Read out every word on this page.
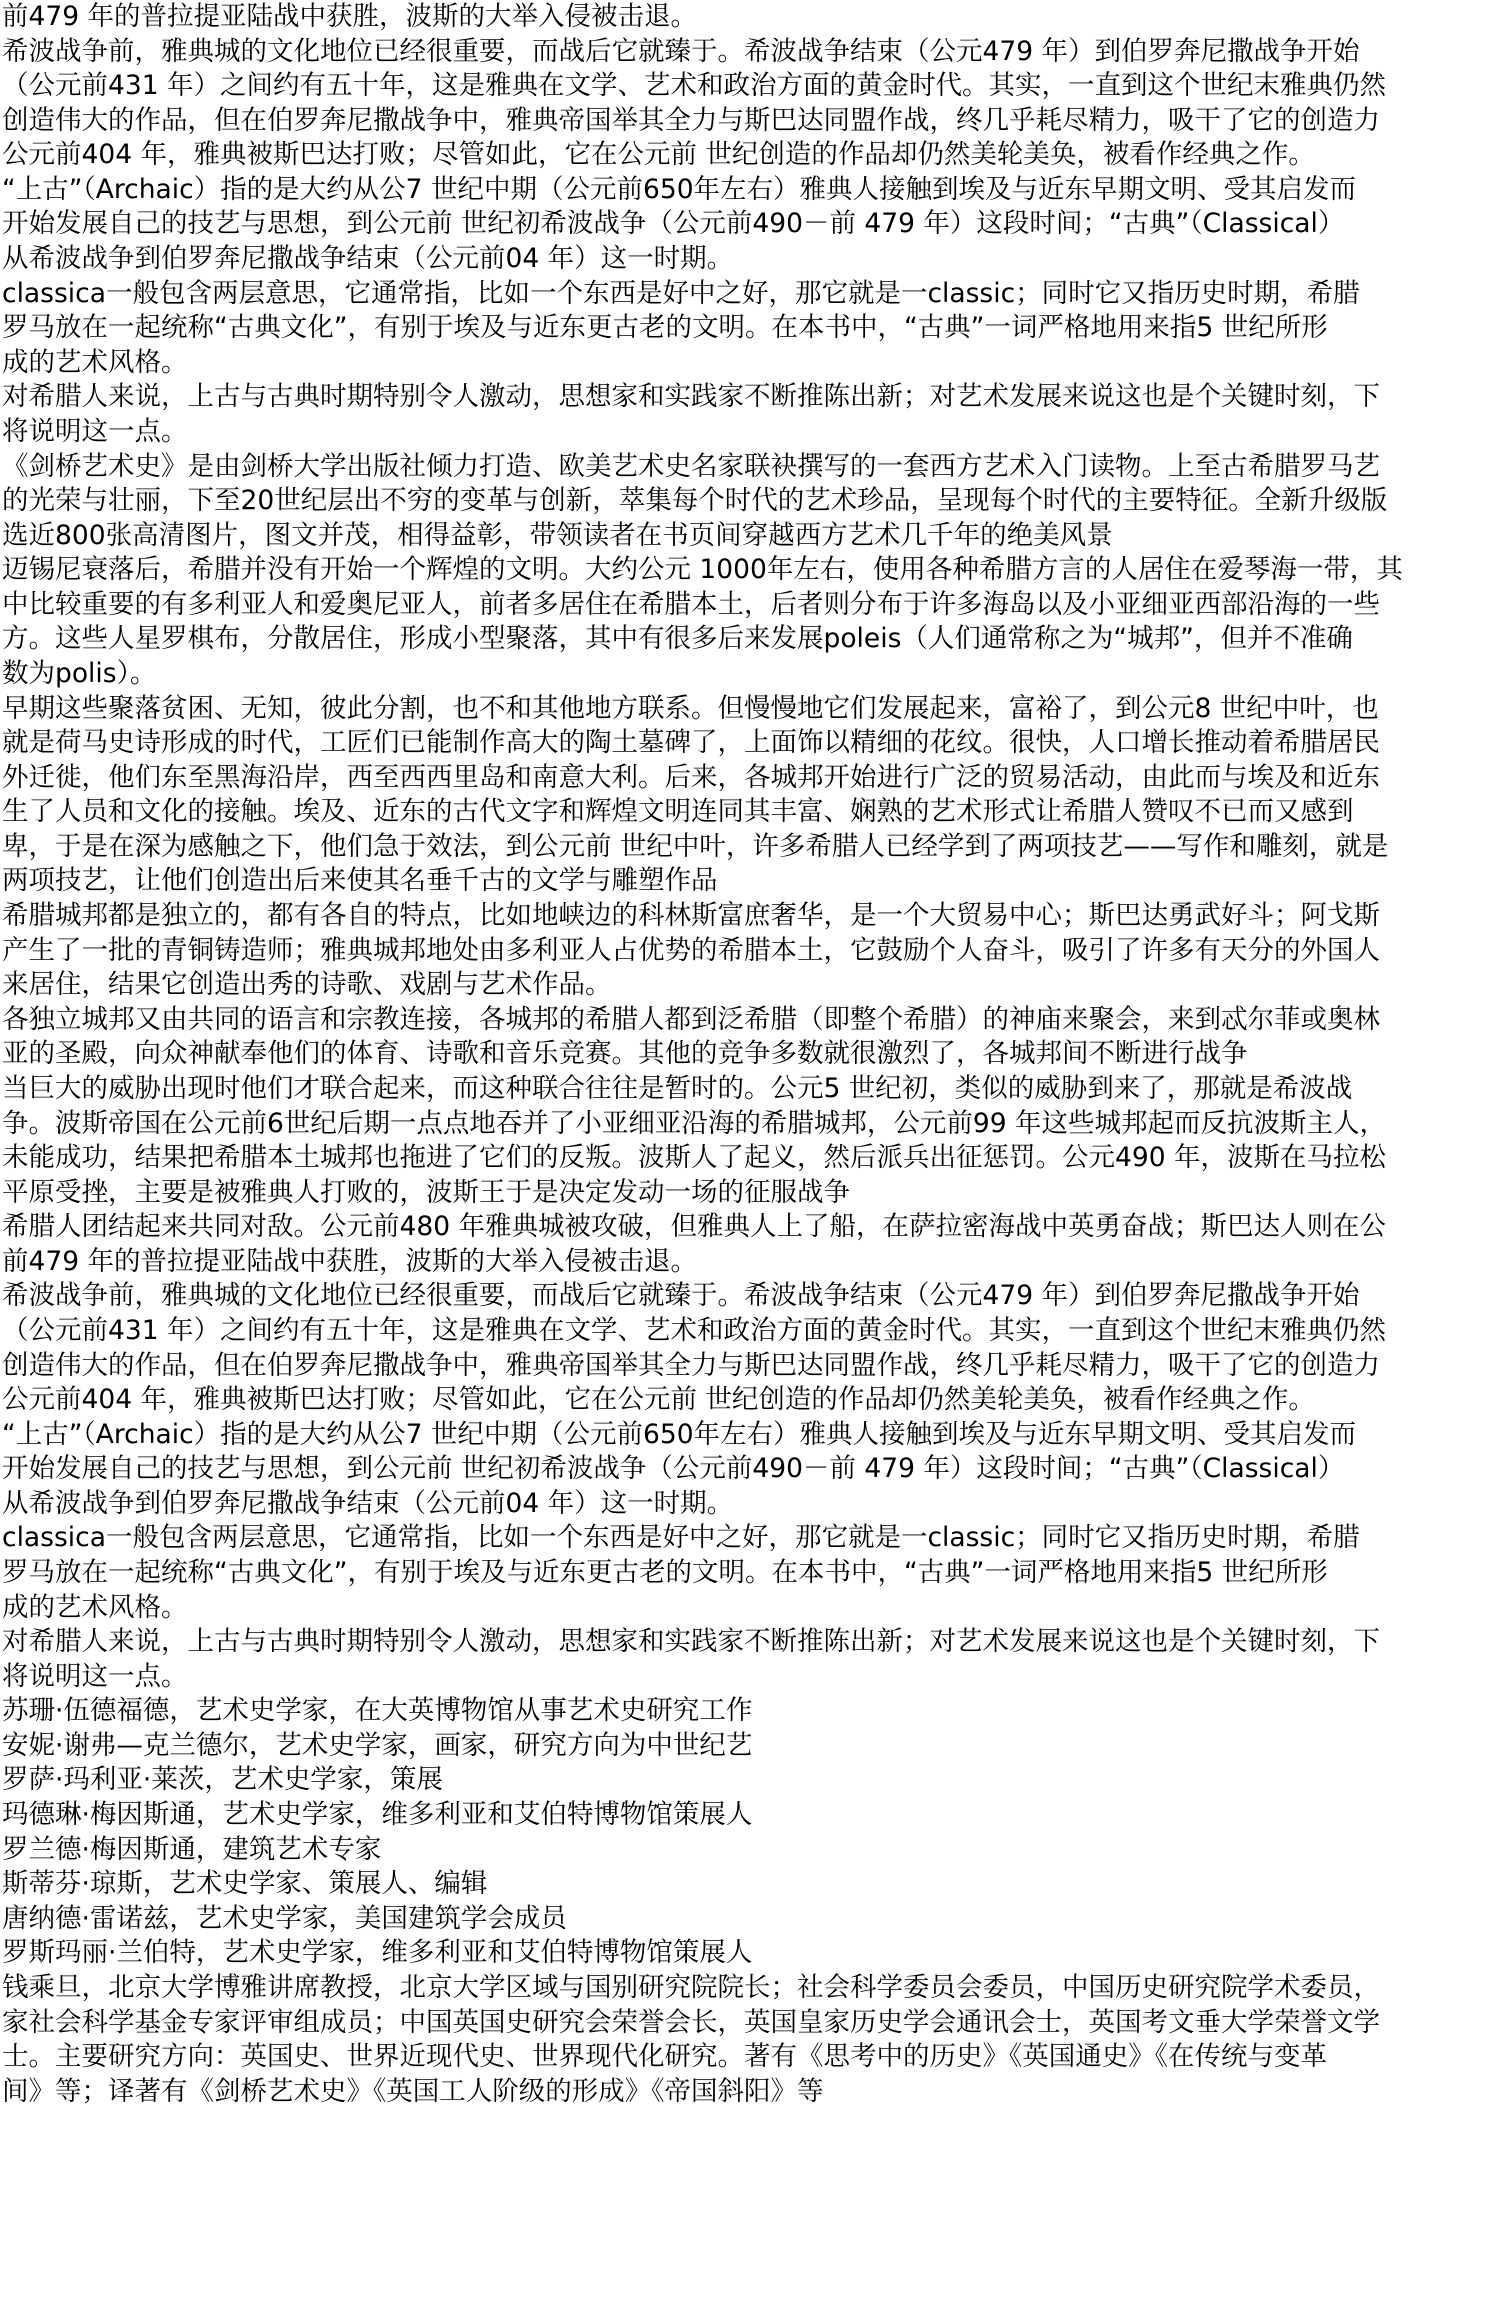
前479 年的普拉提亚陆战中获胜，波斯的大举入侵被击退。
希波战争前，雅典城的文化地位已经很重要，而战后它就臻于。希波战争结束（公元479 年）到伯罗奔尼撒战争开始
（公元前431 年）之间约有五十年，这是雅典在文学、艺术和政治方面的黄金时代。其实，一直到这个世纪末雅典仍然
创造伟大的作品，但在伯罗奔尼撒战争中，雅典帝国举其全力与斯巴达同盟作战，终几乎耗尽精力，吸干了它的创造力
公元前404 年，雅典被斯巴达打败；尽管如此，它在公元前 世纪创造的作品却仍然美轮美奂，被看作经典之作。
“上古”（Archaic）指的是大约从公7 世纪中期（公元前650年左右）雅典人接触到埃及与近东早期文明、受其启发而
开始发展自己的技艺与思想，到公元前 世纪初希波战争（公元前490－前 479 年）这段时间；“古典”（Classical）
从希波战争到伯罗奔尼撒战争结束（公元前04 年）这一时期。
classica一般包含两层意思，它通常指，比如一个东西是好中之好，那它就是一classic；同时它又指历史时期，希腊
罗马放在一起统称“古典文化”，有别于埃及与近东更古老的文明。在本书中，“古典”一词严格地用来指5 世纪所形
成的艺术风格。
对希腊人来说，上古与古典时期特别令人激动，思想家和实践家不断推陈出新；对艺术发展来说这也是个关键时刻，下
将说明这一点。
《剑桥艺术史》是由剑桥大学出版社倾力打造、欧美艺术史名家联袂撰写的一套西方艺术入门读物。上至古希腊罗马艺
的光荣与壮丽，下至20世纪层出不穷的变革与创新，萃集每个时代的艺术珍品，呈现每个时代的主要特征。全新升级版
选近800张高清图片，图文并茂，相得益彰，带领读者在书页间穿越西方艺术几千年的绝美风景
迈锡尼衰落后，希腊并没有开始一个辉煌的文明。大约公元 1000年左右，使用各种希腊方言的人居住在爱琴海一带，其
中比较重要的有多利亚人和爱奥尼亚人，前者多居住在希腊本土，后者则分布于许多海岛以及小亚细亚西部沿海的一些
方。这些人星罗棋布，分散居住，形成小型聚落，其中有很多后来发展poleis（人们通常称之为“城邦”，但并不准确
数为polis）。
早期这些聚落贫困、无知，彼此分割，也不和其他地方联系。但慢慢地它们发展起来，富裕了，到公元8 世纪中叶，也
就是荷马史诗形成的时代，工匠们已能制作高大的陶土墓碑了，上面饰以精细的花纹。很快，人口增长推动着希腊居民
外迁徙，他们东至黑海沿岸，西至西西里岛和南意大利。后来，各城邦开始进行广泛的贸易活动，由此而与埃及和近东
生了人员和文化的接触。埃及、近东的古代文字和辉煌文明连同其丰富、娴熟的艺术形式让希腊人赞叹不已而又感到
卑，于是在深为感触之下，他们急于效法，到公元前 世纪中叶，许多希腊人已经学到了两项技艺——写作和雕刻，就是
两项技艺，让他们创造出后来使其名垂千古的文学与雕塑作品
希腊城邦都是独立的，都有各自的特点，比如地峡边的科林斯富庶奢华，是一个大贸易中心；斯巴达勇武好斗；阿戈斯
产生了一批的青铜铸造师；雅典城邦地处由多利亚人占优势的希腊本土，它鼓励个人奋斗，吸引了许多有天分的外国人
来居住，结果它创造出秀的诗歌、戏剧与艺术作品。
各独立城邦又由共同的语言和宗教连接，各城邦的希腊人都到泛希腊（即整个希腊）的神庙来聚会，来到忒尔菲或奥林
亚的圣殿，向众神献奉他们的体育、诗歌和音乐竞赛。其他的竞争多数就很激烈了，各城邦间不断进行战争
当巨大的威胁出现时他们才联合起来，而这种联合往往是暂时的。公元5 世纪初，类似的威胁到来了，那就是希波战
争。波斯帝国在公元前6世纪后期一点点地吞并了小亚细亚沿海的希腊城邦，公元前99 年这些城邦起而反抗波斯主人，
未能成功，结果把希腊本土城邦也拖进了它们的反叛。波斯人了起义，然后派兵出征惩罚。公元490 年，波斯在马拉松
平原受挫，主要是被雅典人打败的，波斯王于是决定发动一场的征服战争
希腊人团结起来共同对敌。公元前480 年雅典城被攻破，但雅典人上了船，在萨拉密海战中英勇奋战；斯巴达人则在公
前479 年的普拉提亚陆战中获胜，波斯的大举入侵被击退。
希波战争前，雅典城的文化地位已经很重要，而战后它就臻于。希波战争结束（公元479 年）到伯罗奔尼撒战争开始
（公元前431 年）之间约有五十年，这是雅典在文学、艺术和政治方面的黄金时代。其实，一直到这个世纪末雅典仍然
创造伟大的作品，但在伯罗奔尼撒战争中，雅典帝国举其全力与斯巴达同盟作战，终几乎耗尽精力，吸干了它的创造力
公元前404 年，雅典被斯巴达打败；尽管如此，它在公元前 世纪创造的作品却仍然美轮美奂，被看作经典之作。
“上古”（Archaic）指的是大约从公7 世纪中期（公元前650年左右）雅典人接触到埃及与近东早期文明、受其启发而
开始发展自己的技艺与思想，到公元前 世纪初希波战争（公元前490－前 479 年）这段时间；“古典”（Classical）
从希波战争到伯罗奔尼撒战争结束（公元前04 年）这一时期。
classica一般包含两层意思，它通常指，比如一个东西是好中之好，那它就是一classic；同时它又指历史时期，希腊
罗马放在一起统称“古典文化”，有别于埃及与近东更古老的文明。在本书中，“古典”一词严格地用来指5 世纪所形
成的艺术风格。
对希腊人来说，上古与古典时期特别令人激动，思想家和实践家不断推陈出新；对艺术发展来说这也是个关键时刻，下
将说明这一点。
苏珊·伍德福德，艺术史学家，在大英博物馆从事艺术史研究工作
安妮·谢弗—克兰德尔，艺术史学家，画家，研究方向为中世纪艺
罗萨·玛利亚·莱茨，艺术史学家，策展
玛德琳·梅因斯通，艺术史学家，维多利亚和艾伯特博物馆策展人
罗兰德·梅因斯通，建筑艺术专家
斯蒂芬·琼斯，艺术史学家、策展人、编辑
唐纳德·雷诺兹，艺术史学家，美国建筑学会成员
罗斯玛丽·兰伯特，艺术史学家，维多利亚和艾伯特博物馆策展人
钱乘旦，北京大学博雅讲席教授，北京大学区域与国别研究院院长；社会科学委员会委员，中国历史研究院学术委员，
家社会科学基金专家评审组成员；中国英国史研究会荣誉会长，英国皇家历史学会通讯会士，英国考文垂大学荣誉文学
士。主要研究方向：英国史、世界近现代史、世界现代化研究。著有《思考中的历史》《英国通史》《在传统与变革
间》等；译著有《剑桥艺术史》《英国工人阶级的形成》《帝国斜阳》等
